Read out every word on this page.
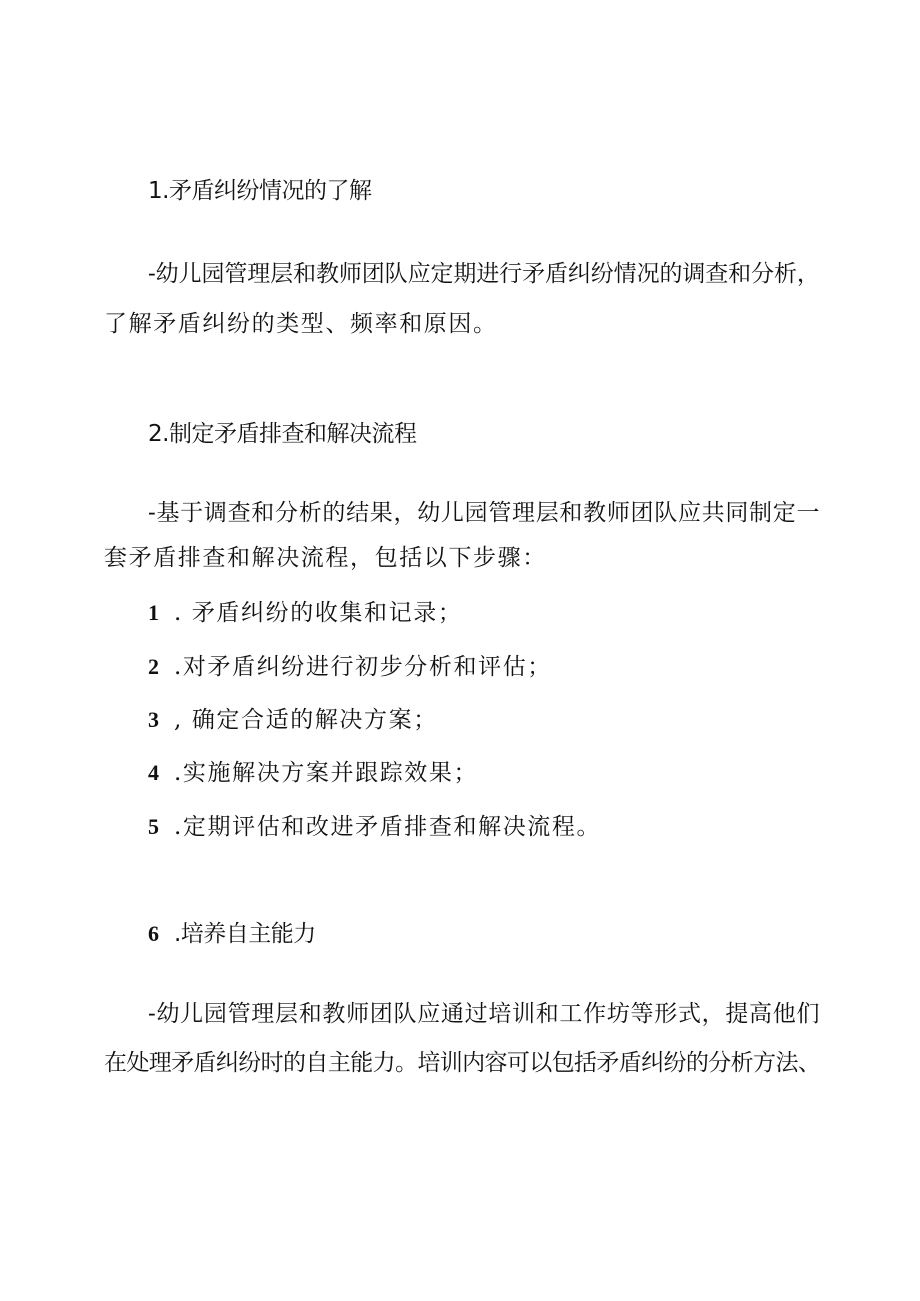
1.矛盾纠纷情况的了解
-幼儿园管理层和教师团队应定期进行矛盾纠纷情况的调查和分析，
了解矛盾纠纷的类型、频率和原因。
2.制定矛盾排查和解决流程
-基于调查和分析的结果，幼儿园管理层和教师团队应共同制定一
套矛盾排查和解决流程，包括以下步骤：
1 . 矛盾纠纷的收集和记录；
2 .对矛盾纠纷进行初步分析和评估；
3 , 确定合适的解决方案；
4 .实施解决方案并跟踪效果；
5 .定期评估和改进矛盾排查和解决流程。
6 .培养自主能力
-幼儿园管理层和教师团队应通过培训和工作坊等形式，提高他们
在处理矛盾纠纷时的自主能力。培训内容可以包括矛盾纠纷的分析方法、
